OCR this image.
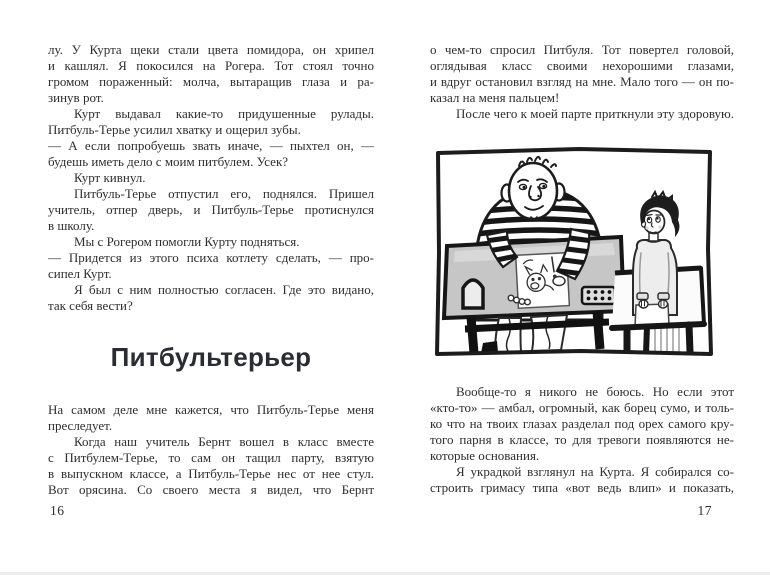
лу. У Курта щеки стали цвета помидора, он хрипел
и кашлял. Я покосился на Рогера. Тот стоял точно
громом пораженный: молча, вытаращив глаза и ра-
зинув рот.
Курт выдавал какие-то придушенные рулады.
Питбуль-Терье усилил хватку и ощерил зубы.
— А если попробуешь звать иначе, — пыхтел он, —
будешь иметь дело с моим питбулем. Усек?
Курт кивнул.
Питбуль-Терье отпустил его, поднялся. Пришел
учитель, отпер дверь, и Питбуль-Терье протиснулся
в школу.
Мы с Рогером помогли Курту подняться.
— Придется из этого психа котлету сделать, — про-
сипел Курт.
Я был с ним полностью согласен. Где это видано,
так себя вести?
Питбультерьер
На самом деле мне кажется, что Питбуль-Терье меня
преследует.
Когда наш учитель Бернт вошел в класс вместе
с Питбулем-Терье, то сам он тащил парту, взятую
в выпускном классе, а Питбуль-Терье нес от нее стул.
Вот орясина. Со своего места я видел, что Бернт
16
о чем-то спросил Питбуля. Тот повертел головой,
оглядывая класс своими нехорошими глазами,
и вдруг остановил взгляд на мне. Мало того — он по-
казал на меня пальцем!
После чего к моей парте приткнули эту здоровую.
Вообще-то я никого не боюсь. Но если этот
«кто-то» — амбал, огромный, как борец сумо, и толь-
ко что на твоих глазах разделал под орех самого кру-
того парня в классе, то для тревоги появляются не-
которые основания.
Я украдкой взглянул на Курта. Я собирался со-
строить гримасу типа «вот ведь влип» и показать,
17
